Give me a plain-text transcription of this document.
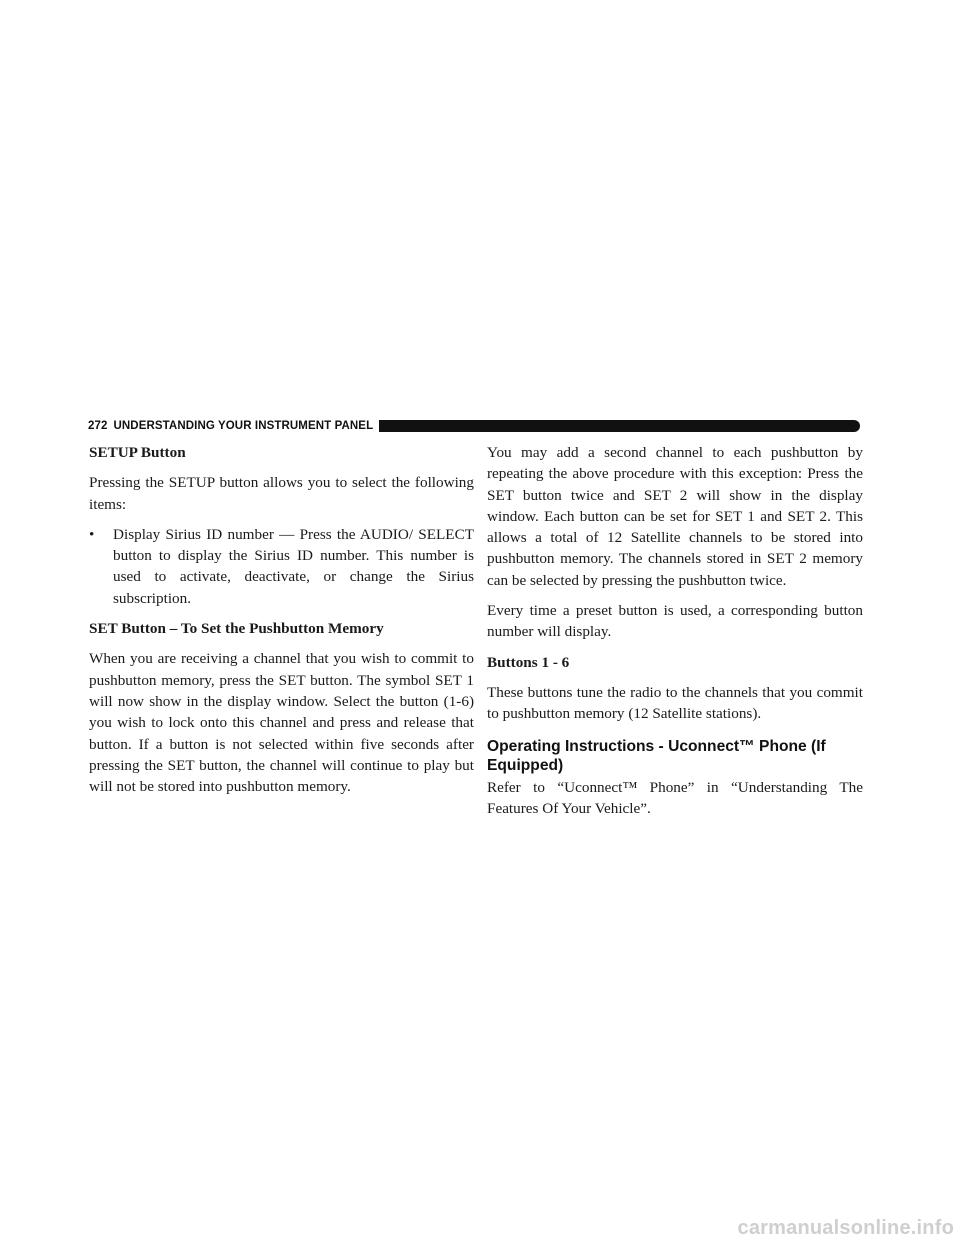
272 UNDERSTANDING YOUR INSTRUMENT PANEL

SETUP Button

Pressing the SETUP button allows you to select the following items:

•	Display Sirius ID number — Press the AUDIO/ SELECT button to display the Sirius ID number. This number is used to activate, deactivate, or change the Sirius subscription.

SET Button – To Set the Pushbutton Memory

When you are receiving a channel that you wish to commit to pushbutton memory, press the SET button. The symbol SET 1 will now show in the display window. Select the button (1-6) you wish to lock onto this channel and press and release that button. If a button is not selected within five seconds after pressing the SET button, the channel will continue to play but will not be stored into pushbutton memory.

You may add a second channel to each pushbutton by repeating the above procedure with this exception: Press the SET button twice and SET 2 will show in the display window. Each button can be set for SET 1 and SET 2. This allows a total of 12 Satellite channels to be stored into pushbutton memory. The channels stored in SET 2 memory can be selected by pressing the pushbutton twice.

Every time a preset button is used, a corresponding button number will display.

Buttons 1 - 6

These buttons tune the radio to the channels that you commit to pushbutton memory (12 Satellite stations).

Operating Instructions - Uconnect™ Phone (If Equipped)

Refer to “Uconnect™ Phone” in “Understanding The Features Of Your Vehicle”.

carmanualsonline.info
